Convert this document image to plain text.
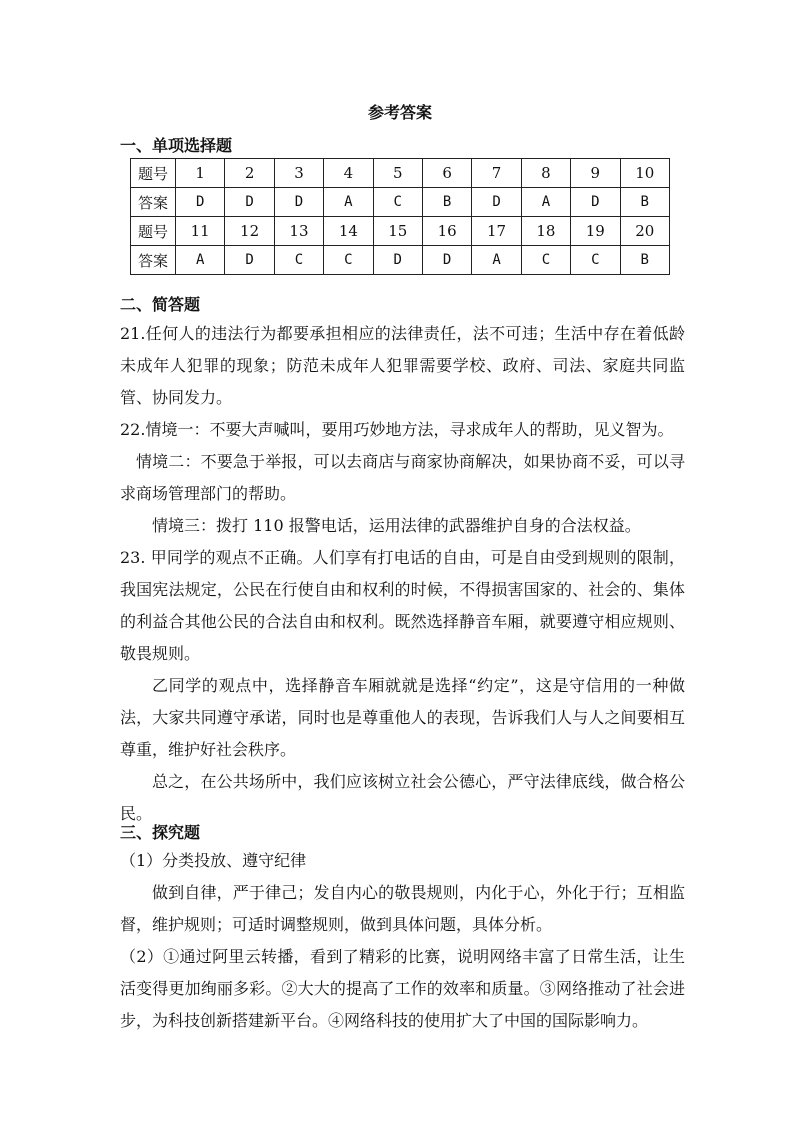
参考答案
一、单项选择题
题号	1	2	3	4	5	6	7	8	9	10
答案	D	D	D	A	C	B	D	A	D	B
题号	11	12	13	14	15	16	17	18	19	20
答案	A	D	C	C	D	D	A	C	C	B
二、简答题

21.任何人的违法行为都要承担相应的法律责任，法不可违；生活中存在着低龄未成年人犯罪的现象；防范未成年人犯罪需要学校、政府、司法、家庭共同监管、协同发力。

22.情境一：不要大声喊叫，要用巧妙地方法，寻求成年人的帮助，见义智为。

情境二：不要急于举报，可以去商店与商家协商解决，如果协商不妥，可以寻求商场管理部门的帮助。

情境三：拨打 110 报警电话，运用法律的武器维护自身的合法权益。

23. 甲同学的观点不正确。人们享有打电话的自由，可是自由受到规则的限制，我国宪法规定，公民在行使自由和权利的时候，不得损害国家的、社会的、集体的利益合其他公民的合法自由和权利。既然选择静音车厢，就要遵守相应规则、敬畏规则。

乙同学的观点中，选择静音车厢就就是选择“约定”，这是守信用的一种做法，大家共同遵守承诺，同时也是尊重他人的表现，告诉我们人与人之间要相互尊重，维护好社会秩序。

总之，在公共场所中，我们应该树立社会公德心，严守法律底线，做合格公民。

三、探究题

（1）分类投放、遵守纪律

做到自律，严于律己；发自内心的敬畏规则，内化于心，外化于行；互相监督，维护规则；可适时调整规则，做到具体问题，具体分析。

（2）①通过阿里云转播，看到了精彩的比赛，说明网络丰富了日常生活，让生活变得更加绚丽多彩。②大大的提高了工作的效率和质量。③网络推动了社会进步，为科技创新搭建新平台。④网络科技的使用扩大了中国的国际影响力。
